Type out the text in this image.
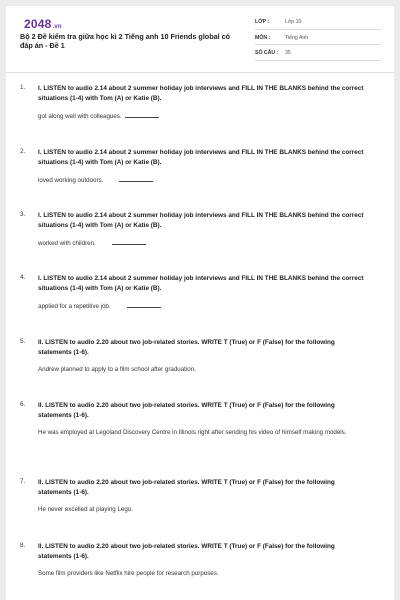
2048.vn
Bộ 2 Đề kiểm tra giữa học kì 2 Tiếng anh 10 Friends global có đáp án - Đề 1
LỚP :	Lớp 10
MÔN :	Tiếng Anh
SỐ CÂU : 35
1. I. LISTEN to audio 2.14 about 2 summer holiday job interviews and FILL IN THE BLANKS behind the correct situations (1-4) with Tom (A) or Katie (B).
got along well with colleagues.
2. I. LISTEN to audio 2.14 about 2 summer holiday job interviews and FILL IN THE BLANKS behind the correct situations (1-4) with Tom (A) or Katie (B).
loved working outdoors.
3. I. LISTEN to audio 2.14 about 2 summer holiday job interviews and FILL IN THE BLANKS behind the correct situations (1-4) with Tom (A) or Katie (B).
worked with children.
4. I. LISTEN to audio 2.14 about 2 summer holiday job interviews and FILL IN THE BLANKS behind the correct situations (1-4) with Tom (A) or Katie (B).
applied for a repetitive job.
5. II. LISTEN to audio 2.20 about two job-related stories. WRITE T (True) or F (False) for the following statements (1-6).
Andrew planned to apply to a film school after graduation.
6. II. LISTEN to audio 2.20 about two job-related stories. WRITE T (True) or F (False) for the following statements (1-6).
He was employed at Legoland Discovery Centre in Illinois right after sending his video of himself making models.
7. II. LISTEN to audio 2.20 about two job-related stories. WRITE T (True) or F (False) for the following statements (1-6).
He never excelled at playing Lego.
8. II. LISTEN to audio 2.20 about two job-related stories. WRITE T (True) or F (False) for the following statements (1-6).
Some film providers like Netflix hire people for research purposes.
